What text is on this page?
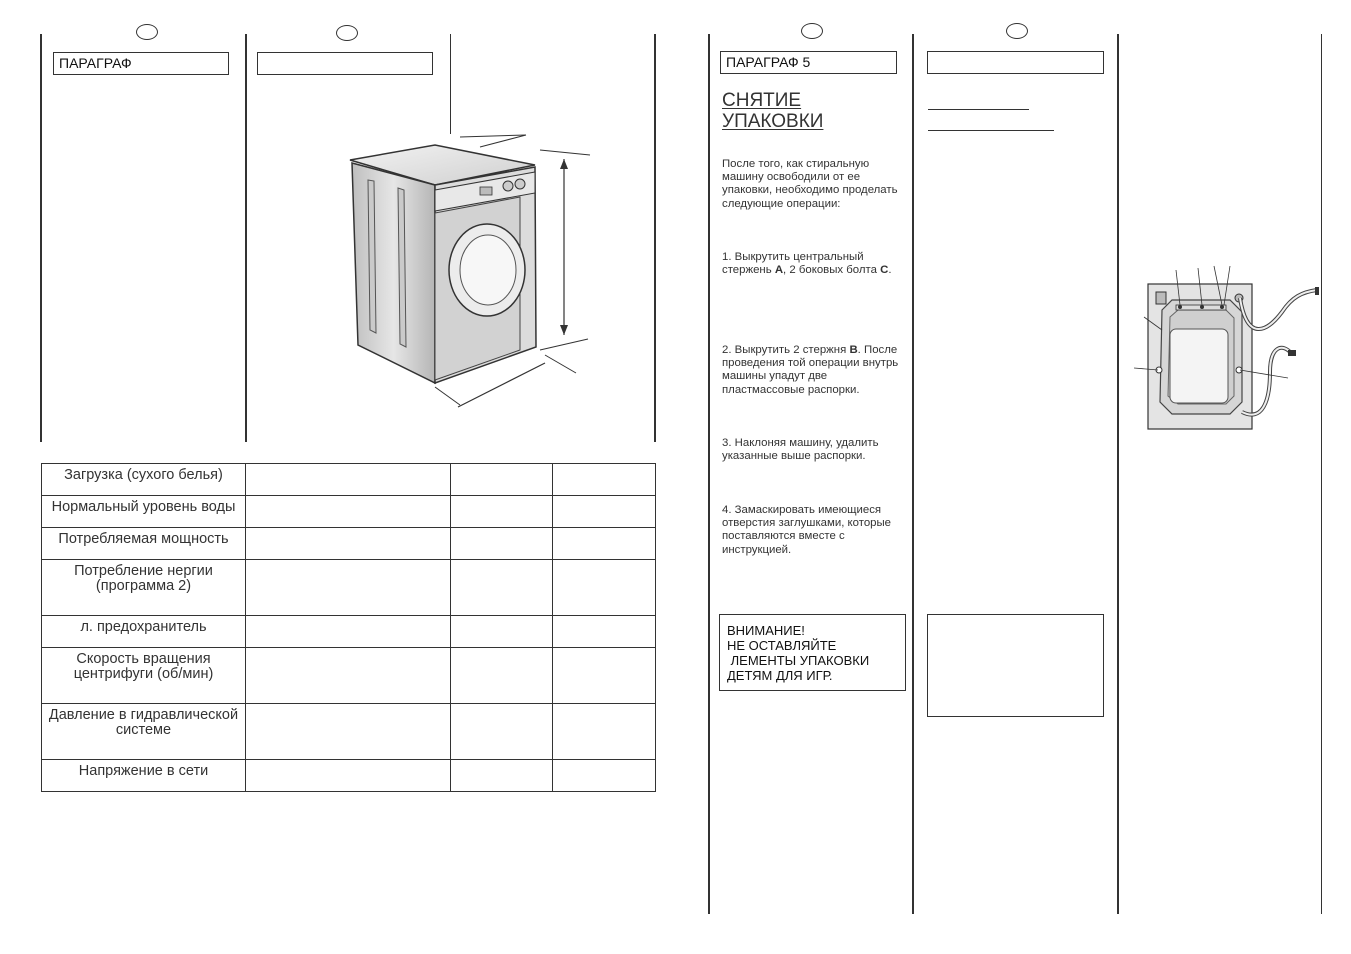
ПАРАГРАФ	ПАРАГРАФ 5
Загрузка (сухого белья)			
Нормальный уровень воды			
Потребляемая мощность			
Потребление нергии (программа 2)			
л. предохранитель			
Скорость вращения центрифуги (об/мин)			
Давление в гидравлической системе			
Напряжение в сети			
СНЯТИЕ
УПАКОВКИ
После того, как стиральную машину освободили от ее упаковки, необходимо проделать следующие операции:
1. Выкрутить центральный стержень A, 2 боковых болта C.
2. Выкрутить 2 стержня B. После проведения той операции внутрь машины упадут две пластмассовые распорки.
3. Наклоняя машину, удалить указанные выше распорки.
4. Замаскировать имеющиеся отверстия заглушками, которые поставляются вместе с инструкцией.
ВНИМАНИЕ!
НЕ ОСТАВЛЯЙТЕ
ЛЕМЕНТЫ УПАКОВКИ
ДЕТЯМ ДЛЯ ИГР.
